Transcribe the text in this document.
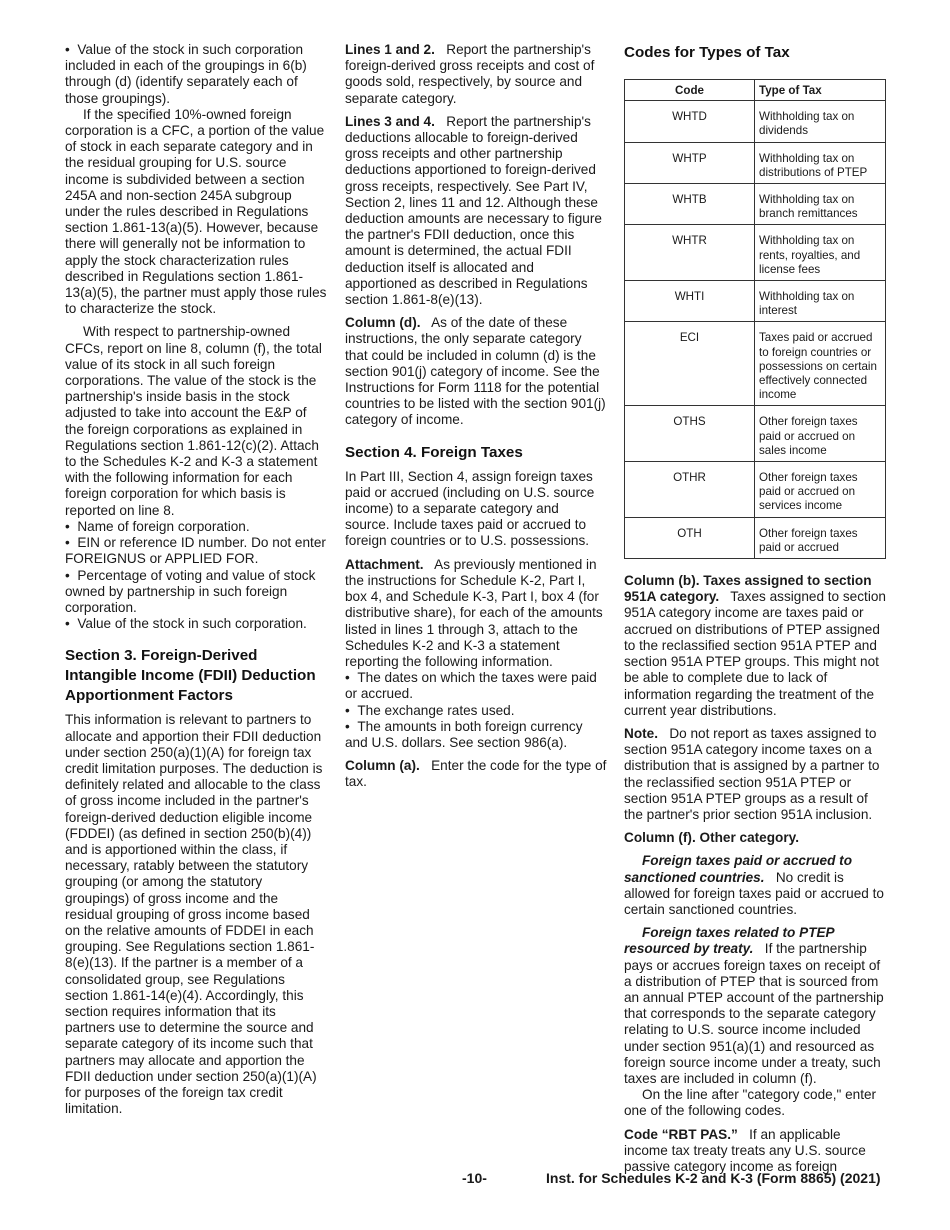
•  Value of the stock in such corporation included in each of the groupings in 6(b) through (d) (identify separately each of those groupings).

If the specified 10%-owned foreign corporation is a CFC, a portion of the value of stock in each separate category and in the residual grouping for U.S. source income is subdivided between a section 245A and non-section 245A subgroup under the rules described in Regulations section 1.861-13(a)(5). However, because there will generally not be information to apply the stock characterization rules described in Regulations section 1.861-13(a)(5), the partner must apply those rules to characterize the stock.

With respect to partnership-owned CFCs, report on line 8, column (f), the total value of its stock in all such foreign corporations. The value of the stock is the partnership's inside basis in the stock adjusted to take into account the E&P of the foreign corporations as explained in Regulations section 1.861-12(c)(2). Attach to the Schedules K-2 and K-3 a statement with the following information for each foreign corporation for which basis is reported on line 8.

•  Name of foreign corporation.

•  EIN or reference ID number. Do not enter FOREIGNUS or APPLIED FOR.

•  Percentage of voting and value of stock owned by partnership in such foreign corporation.

•  Value of the stock in such corporation.

Section 3. Foreign-Derived Intangible Income (FDII) Deduction Apportionment Factors

This information is relevant to partners to allocate and apportion their FDII deduction under section 250(a)(1)(A) for foreign tax credit limitation purposes. The deduction is definitely related and allocable to the class of gross income included in the partner's foreign-derived deduction eligible income (FDDEI) (as defined in section 250(b)(4)) and is apportioned within the class, if necessary, ratably between the statutory grouping (or among the statutory groupings) of gross income and the residual grouping of gross income based on the relative amounts of FDDEI in each grouping. See Regulations section 1.861-8(e)(13). If the partner is a member of a consolidated group, see Regulations section 1.861-14(e)(4). Accordingly, this section requires information that its partners use to determine the source and separate category of its income such that partners may allocate and apportion the FDII deduction under section 250(a)(1)(A) for purposes of the foreign tax credit limitation.

Lines 1 and 2. Report the partnership's foreign-derived gross receipts and cost of goods sold, respectively, by source and separate category.

Lines 3 and 4. Report the partnership's deductions allocable to foreign-derived gross receipts and other partnership deductions apportioned to foreign-derived gross receipts, respectively. See Part IV, Section 2, lines 11 and 12. Although these deduction amounts are necessary to figure the partner's FDII deduction, once this amount is determined, the actual FDII deduction itself is allocated and apportioned as described in Regulations section 1.861-8(e)(13).

Column (d). As of the date of these instructions, the only separate category that could be included in column (d) is the section 901(j) category of income. See the Instructions for Form 1118 for the potential countries to be listed with the section 901(j) category of income.

Section 4. Foreign Taxes

In Part III, Section 4, assign foreign taxes paid or accrued (including on U.S. source income) to a separate category and source. Include taxes paid or accrued to foreign countries or to U.S. possessions.

Attachment. As previously mentioned in the instructions for Schedule K-2, Part I, box 4, and Schedule K-3, Part I, box 4 (for distributive share), for each of the amounts listed in lines 1 through 3, attach to the Schedules K-2 and K-3 a statement reporting the following information.

•  The dates on which the taxes were paid or accrued.

•  The exchange rates used.

•  The amounts in both foreign currency and U.S. dollars. See section 986(a).

Column (a). Enter the code for the type of tax.

Codes for Types of Tax
Code	Type of Tax
WHTD	Withholding tax on dividends
WHTP	Withholding tax on distributions of PTEP
WHTB	Withholding tax on branch remittances
WHTR	Withholding tax on rents, royalties, and license fees
WHTI	Withholding tax on interest
ECI	Taxes paid or accrued to foreign countries or possessions on certain effectively connected income
OTHS	Other foreign taxes paid or accrued on sales income
OTHR	Other foreign taxes paid or accrued on services income
OTH	Other foreign taxes paid or accrued

Column (b). Taxes assigned to section 951A category. Taxes assigned to section 951A category income are taxes paid or accrued on distributions of PTEP assigned to the reclassified section 951A PTEP and section 951A PTEP groups. This might not be able to complete due to lack of information regarding the treatment of the current year distributions.

Note. Do not report as taxes assigned to section 951A category income taxes on a distribution that is assigned by a partner to the reclassified section 951A PTEP or section 951A PTEP groups as a result of the partner's prior section 951A inclusion.

Column (f). Other category.

Foreign taxes paid or accrued to sanctioned countries. No credit is allowed for foreign taxes paid or accrued to certain sanctioned countries.

Foreign taxes related to PTEP resourced by treaty. If the partnership pays or accrues foreign taxes on receipt of a distribution of PTEP that is sourced from an annual PTEP account of the partnership that corresponds to the separate category relating to U.S. source income included under section 951(a)(1) and resourced as foreign source income under a treaty, such taxes are included in column (f).

On the line after "category code," enter one of the following codes.

Code “RBT PAS.” If an applicable income tax treaty treats any U.S. source passive category income as foreign

-10-	Inst. for Schedules K-2 and K-3 (Form 8865) (2021)
